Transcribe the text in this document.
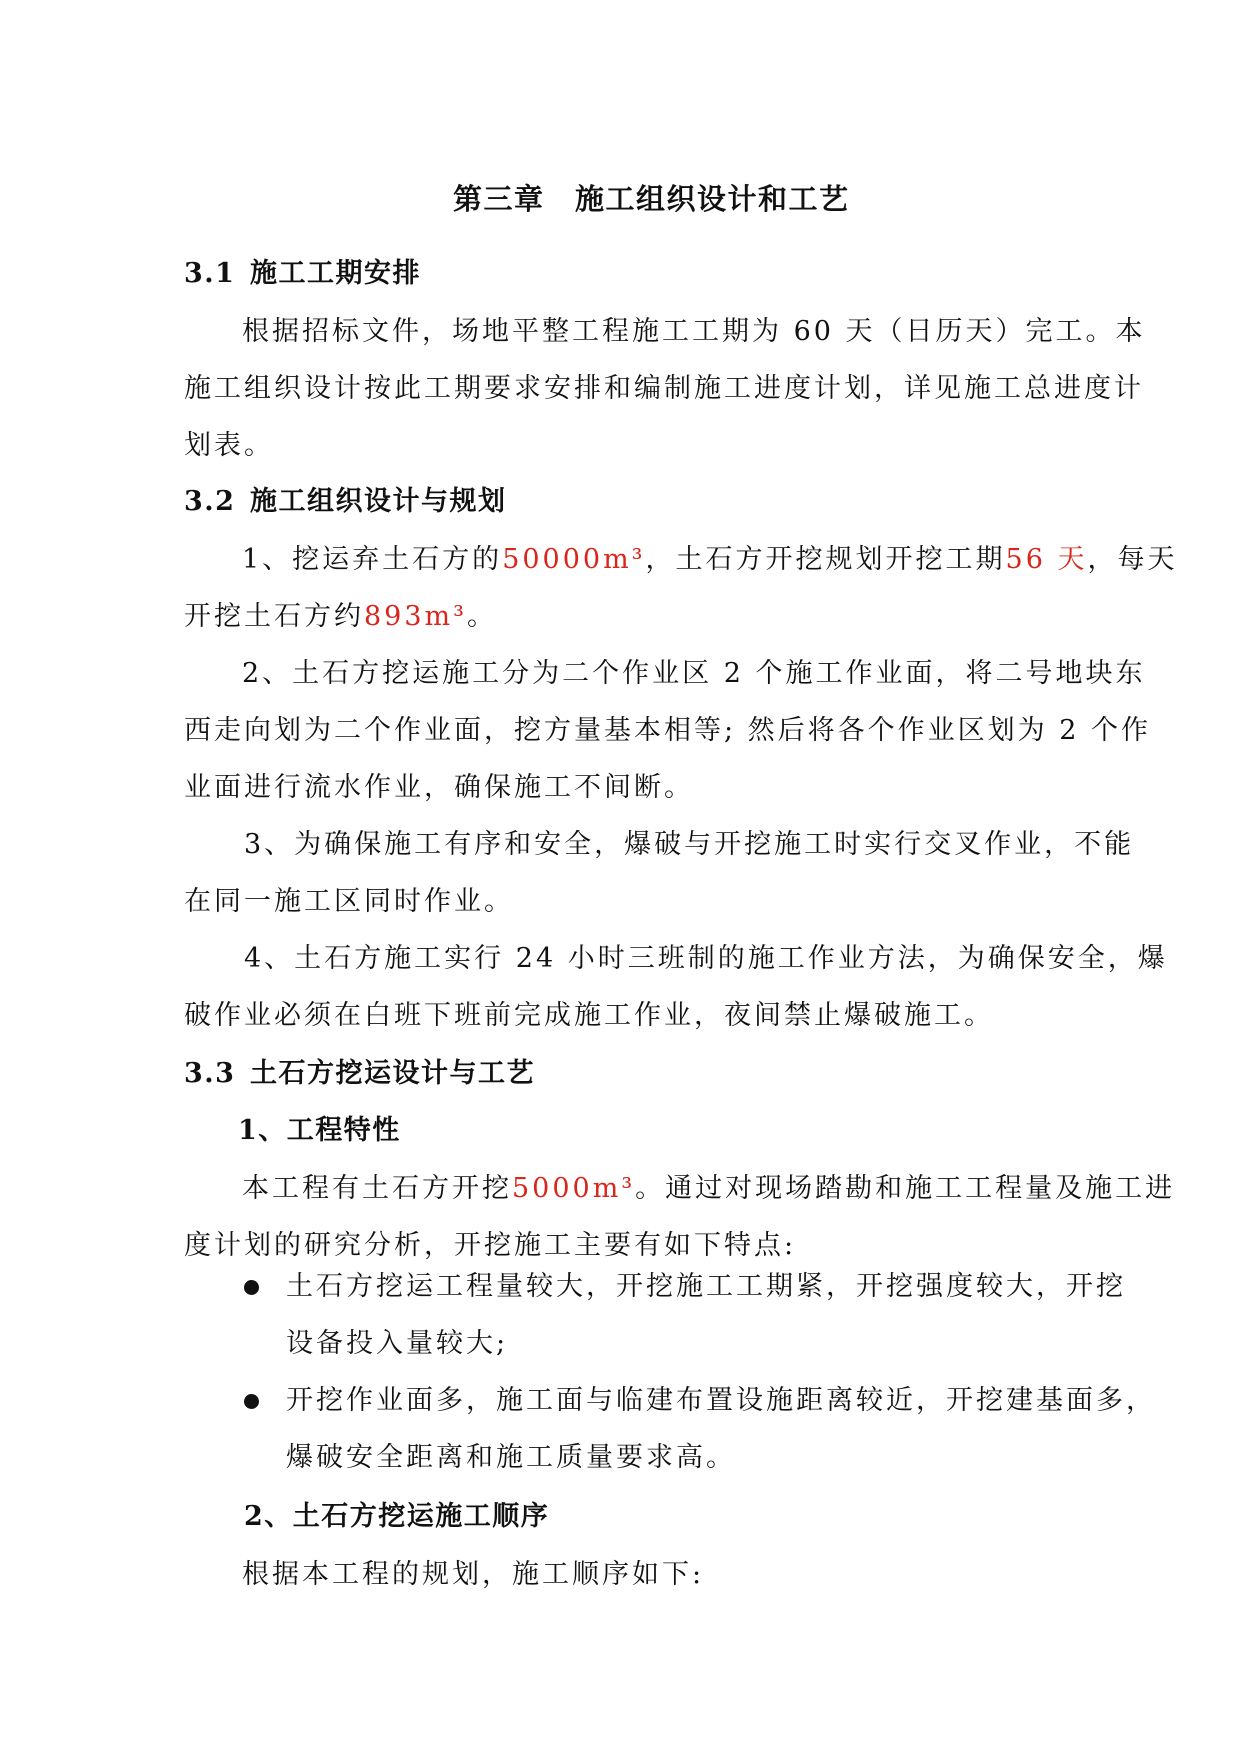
第三章　施工组织设计和工艺
3.1 施工工期安排
根据招标文件，场地平整工程施工工期为 60 天（日历天）完工。本
施工组织设计按此工期要求安排和编制施工进度计划，详见施工总进度计
划表。
3.2 施工组织设计与规划
1、挖运弃土石方的50000m³，土石方开挖规划开挖工期56 天，每天
开挖土石方约893m³。
2、土石方挖运施工分为二个作业区 2 个施工作业面，将二号地块东
西走向划为二个作业面，挖方量基本相等; 然后将各个作业区划为 2 个作
业面进行流水作业，确保施工不间断。
3、为确保施工有序和安全，爆破与开挖施工时实行交叉作业，不能
在同一施工区同时作业。
4、土石方施工实行 24 小时三班制的施工作业方法，为确保安全，爆
破作业必须在白班下班前完成施工作业，夜间禁止爆破施工。
3.3 土石方挖运设计与工艺
1、工程特性
本工程有土石方开挖5000m³。通过对现场踏勘和施工工程量及施工进
度计划的研究分析，开挖施工主要有如下特点:
土石方挖运工程量较大，开挖施工工期紧，开挖强度较大，开挖
设备投入量较大;
开挖作业面多，施工面与临建布置设施距离较近，开挖建基面多，
爆破安全距离和施工质量要求高。
2、土石方挖运施工顺序
根据本工程的规划，施工顺序如下:
